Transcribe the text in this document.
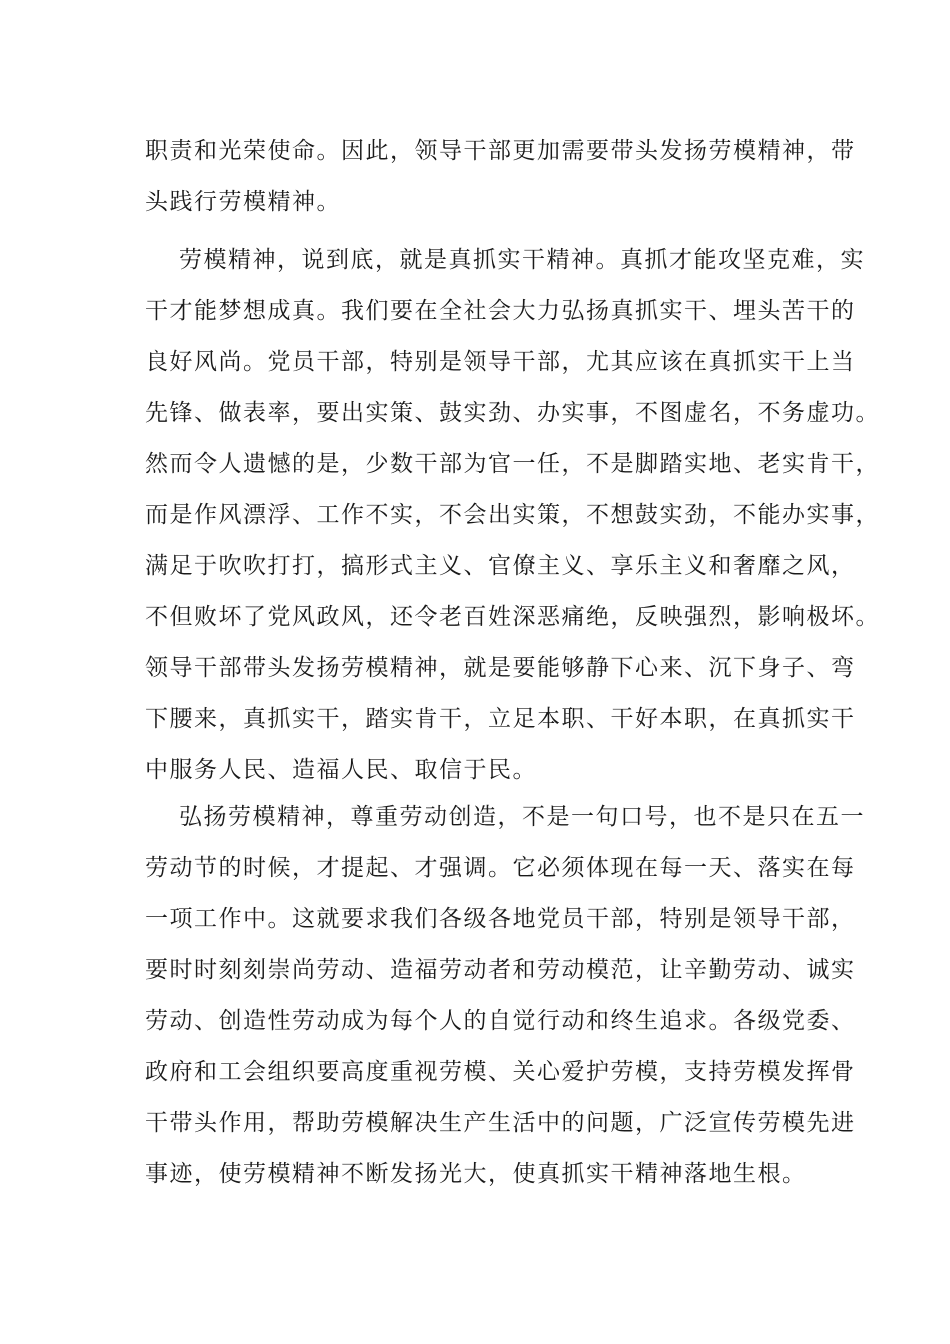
职责和光荣使命。因此，领导干部更加需要带头发扬劳模精神，带
头践行劳模精神。
劳模精神，说到底，就是真抓实干精神。真抓才能攻坚克难，实
干才能梦想成真。我们要在全社会大力弘扬真抓实干、埋头苦干的
良好风尚。党员干部，特别是领导干部，尤其应该在真抓实干上当
先锋、做表率，要出实策、鼓实劲、办实事，不图虚名，不务虚功。
然而令人遗憾的是，少数干部为官一任，不是脚踏实地、老实肯干，
而是作风漂浮、工作不实，不会出实策，不想鼓实劲，不能办实事，
满足于吹吹打打，搞形式主义、官僚主义、享乐主义和奢靡之风，
不但败坏了党风政风，还令老百姓深恶痛绝，反映强烈，影响极坏。
领导干部带头发扬劳模精神，就是要能够静下心来、沉下身子、弯
下腰来，真抓实干，踏实肯干，立足本职、干好本职，在真抓实干
中服务人民、造福人民、取信于民。
弘扬劳模精神，尊重劳动创造，不是一句口号，也不是只在五一
劳动节的时候，才提起、才强调。它必须体现在每一天、落实在每
一项工作中。这就要求我们各级各地党员干部，特别是领导干部，
要时时刻刻崇尚劳动、造福劳动者和劳动模范，让辛勤劳动、诚实
劳动、创造性劳动成为每个人的自觉行动和终生追求。各级党委、
政府和工会组织要高度重视劳模、关心爱护劳模，支持劳模发挥骨
干带头作用，帮助劳模解决生产生活中的问题，广泛宣传劳模先进
事迹，使劳模精神不断发扬光大，使真抓实干精神落地生根。
